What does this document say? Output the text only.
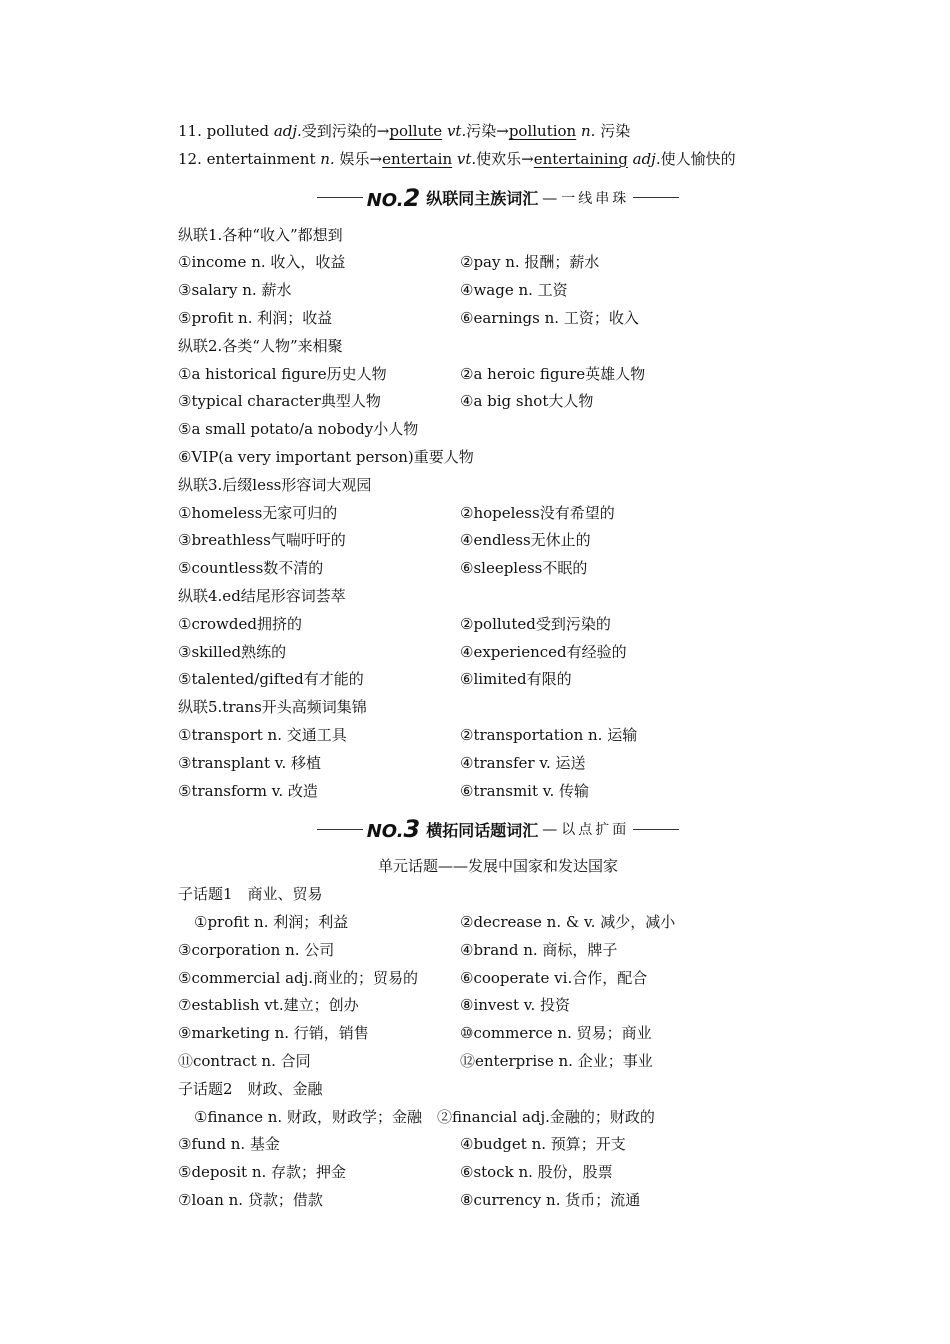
11. polluted adj.受到污染的→pollute vt.污染→pollution n. 污染
12. entertainment n. 娱乐→entertain vt.使欢乐→entertaining adj.使人愉快的
NO.2 纵联同主族词汇 — 一线串珠
纵联1.各种“收入”都想到
①income n. 收入，收益	②pay n. 报酬；薪水
③salary n. 薪水	④wage n. 工资
⑤profit n. 利润；收益	⑥earnings n. 工资；收入
纵联2.各类“人物”来相聚
①a historical figure历史人物	②a heroic figure英雄人物
③typical character典型人物	④a big shot大人物
⑤a small potato/a nobody小人物
⑥VIP(a very important person)重要人物
纵联3.后缀less形容词大观园
①homeless无家可归的	②hopeless没有希望的
③breathless气喘吁吁的	④endless无休止的
⑤countless数不清的	⑥sleepless不眠的
纵联4.ed结尾形容词荟萃
①crowded拥挤的	②polluted受到污染的
③skilled熟练的	④experienced有经验的
⑤talented/gifted有才能的	⑥limited有限的
纵联5.trans开头高频词集锦
①transport n. 交通工具	②transportation n. 运输
③transplant v. 移植	④transfer v. 运送
⑤transform v. 改造	⑥transmit v. 传输
NO.3 横拓同话题词汇 — 以点扩面
单元话题——发展中国家和发达国家
子话题1　商业、贸易
①profit n. 利润；利益	②decrease n. & v. 减少，减小
③corporation n. 公司	④brand n. 商标，牌子
⑤commercial adj.商业的；贸易的	⑥cooperate vi.合作，配合
⑦establish vt.建立；创办	⑧invest v. 投资
⑨marketing n. 行销，销售	⑩commerce n. 贸易；商业
⑪contract n. 合同	⑫enterprise n. 企业；事业
子话题2　财政、金融
①finance n. 财政，财政学；金融　 ②financial adj.金融的；财政的
③fund n. 基金	④budget n. 预算；开支
⑤deposit n. 存款；押金	⑥stock n. 股份，股票
⑦loan n. 贷款；借款	⑧currency n. 货币；流通
